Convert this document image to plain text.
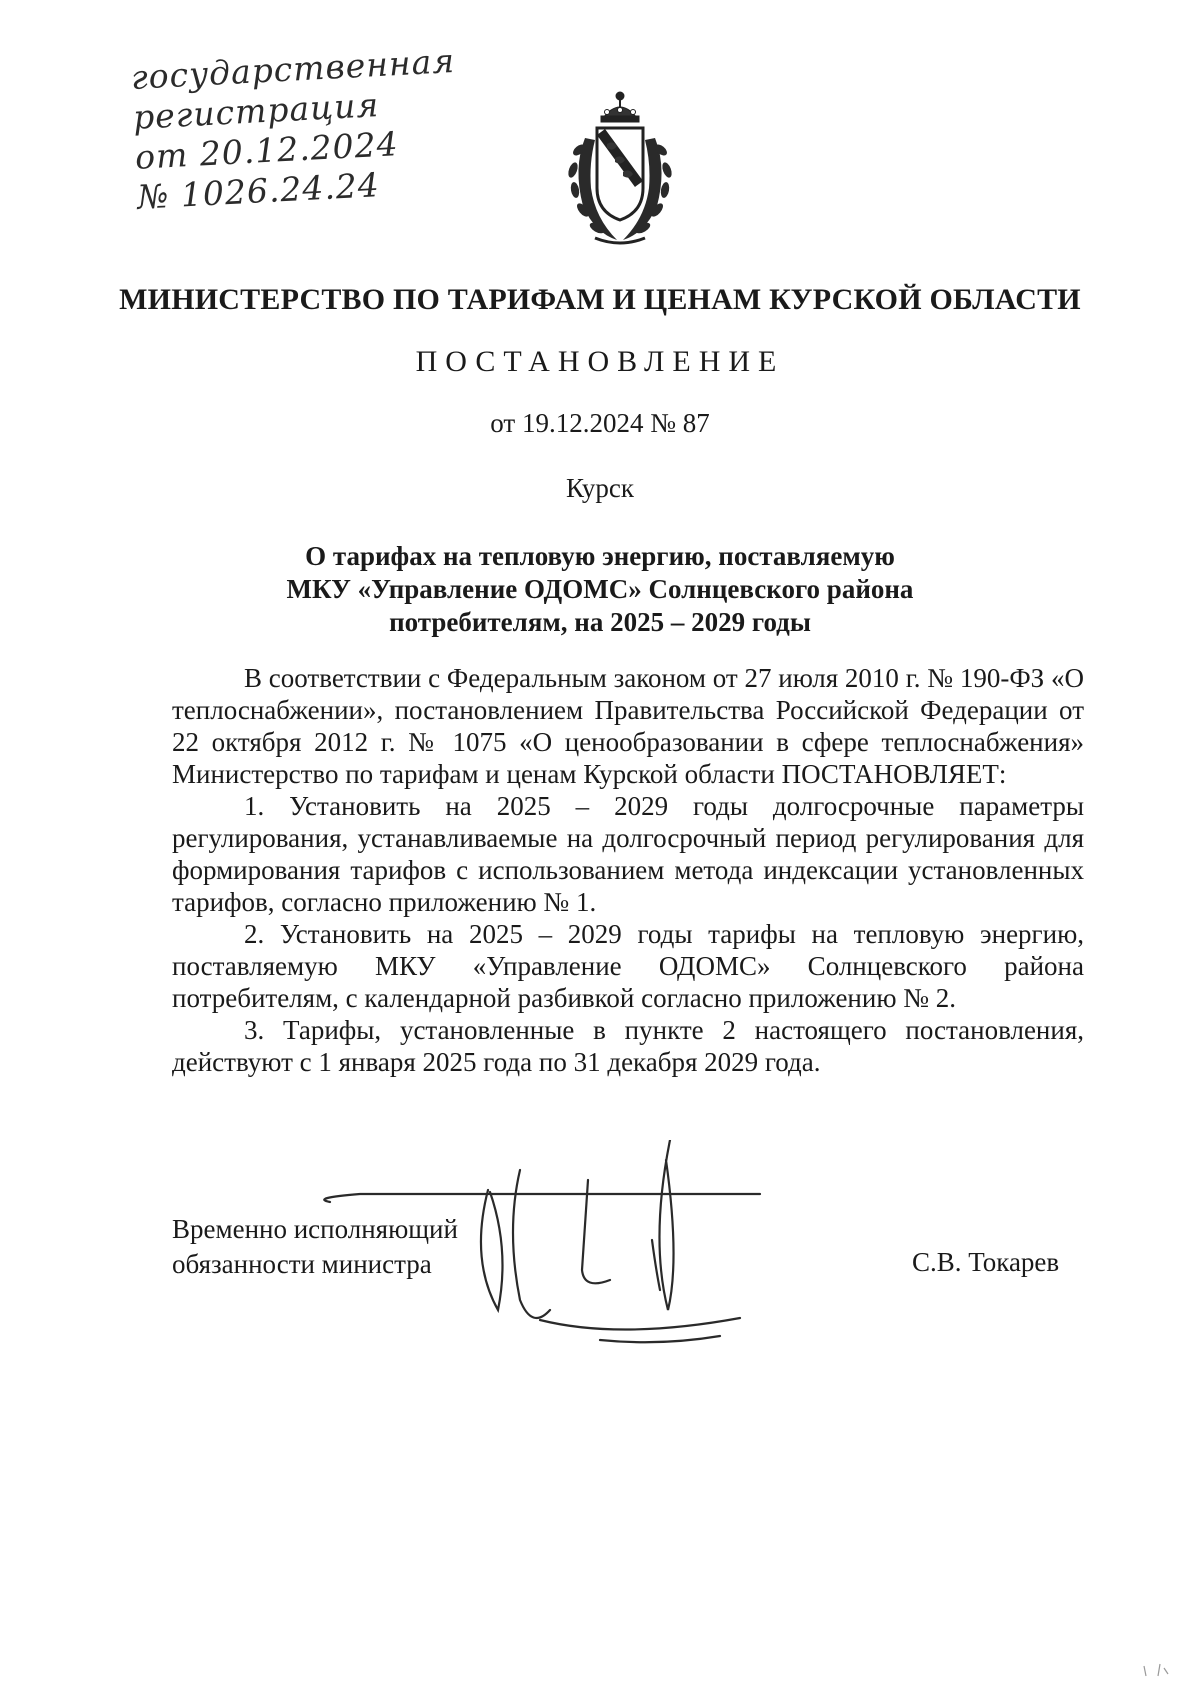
государственная
регистрация
от 20.12.2024
№ 1026.24.24
МИНИСТЕРСТВО ПО ТАРИФАМ И ЦЕНАМ КУРСКОЙ ОБЛАСТИ
ПОСТАНОВЛЕНИЕ
от 19.12.2024 № 87
Курск
О тарифах на тепловую энергию, поставляемую
МКУ «Управление ОДОМС» Солнцевского района
потребителям, на 2025 – 2029 годы

В соответствии с Федеральным законом от 27 июля 2010 г. № 190-ФЗ «О теплоснабжении», постановлением Правительства Российской Федерации от 22 октября 2012 г. № 1075 «О ценообразовании в сфере теплоснабжения» Министерство по тарифам и ценам Курской области ПОСТАНОВЛЯЕТ:

1. Установить на 2025 – 2029 годы долгосрочные параметры регулирования, устанавливаемые на долгосрочный период регулирования для формирования тарифов с использованием метода индексации установленных тарифов, согласно приложению № 1.

2. Установить на 2025 – 2029 годы тарифы на тепловую энергию, поставляемую МКУ «Управление ОДОМС» Солнцевского района потребителям, с календарной разбивкой согласно приложению № 2.

3. Тарифы, установленные в пункте 2 настоящего постановления, действуют с 1 января 2025 года по 31 декабря 2029 года.

Временно исполняющий
обязанности министра	С.В. Токарев
